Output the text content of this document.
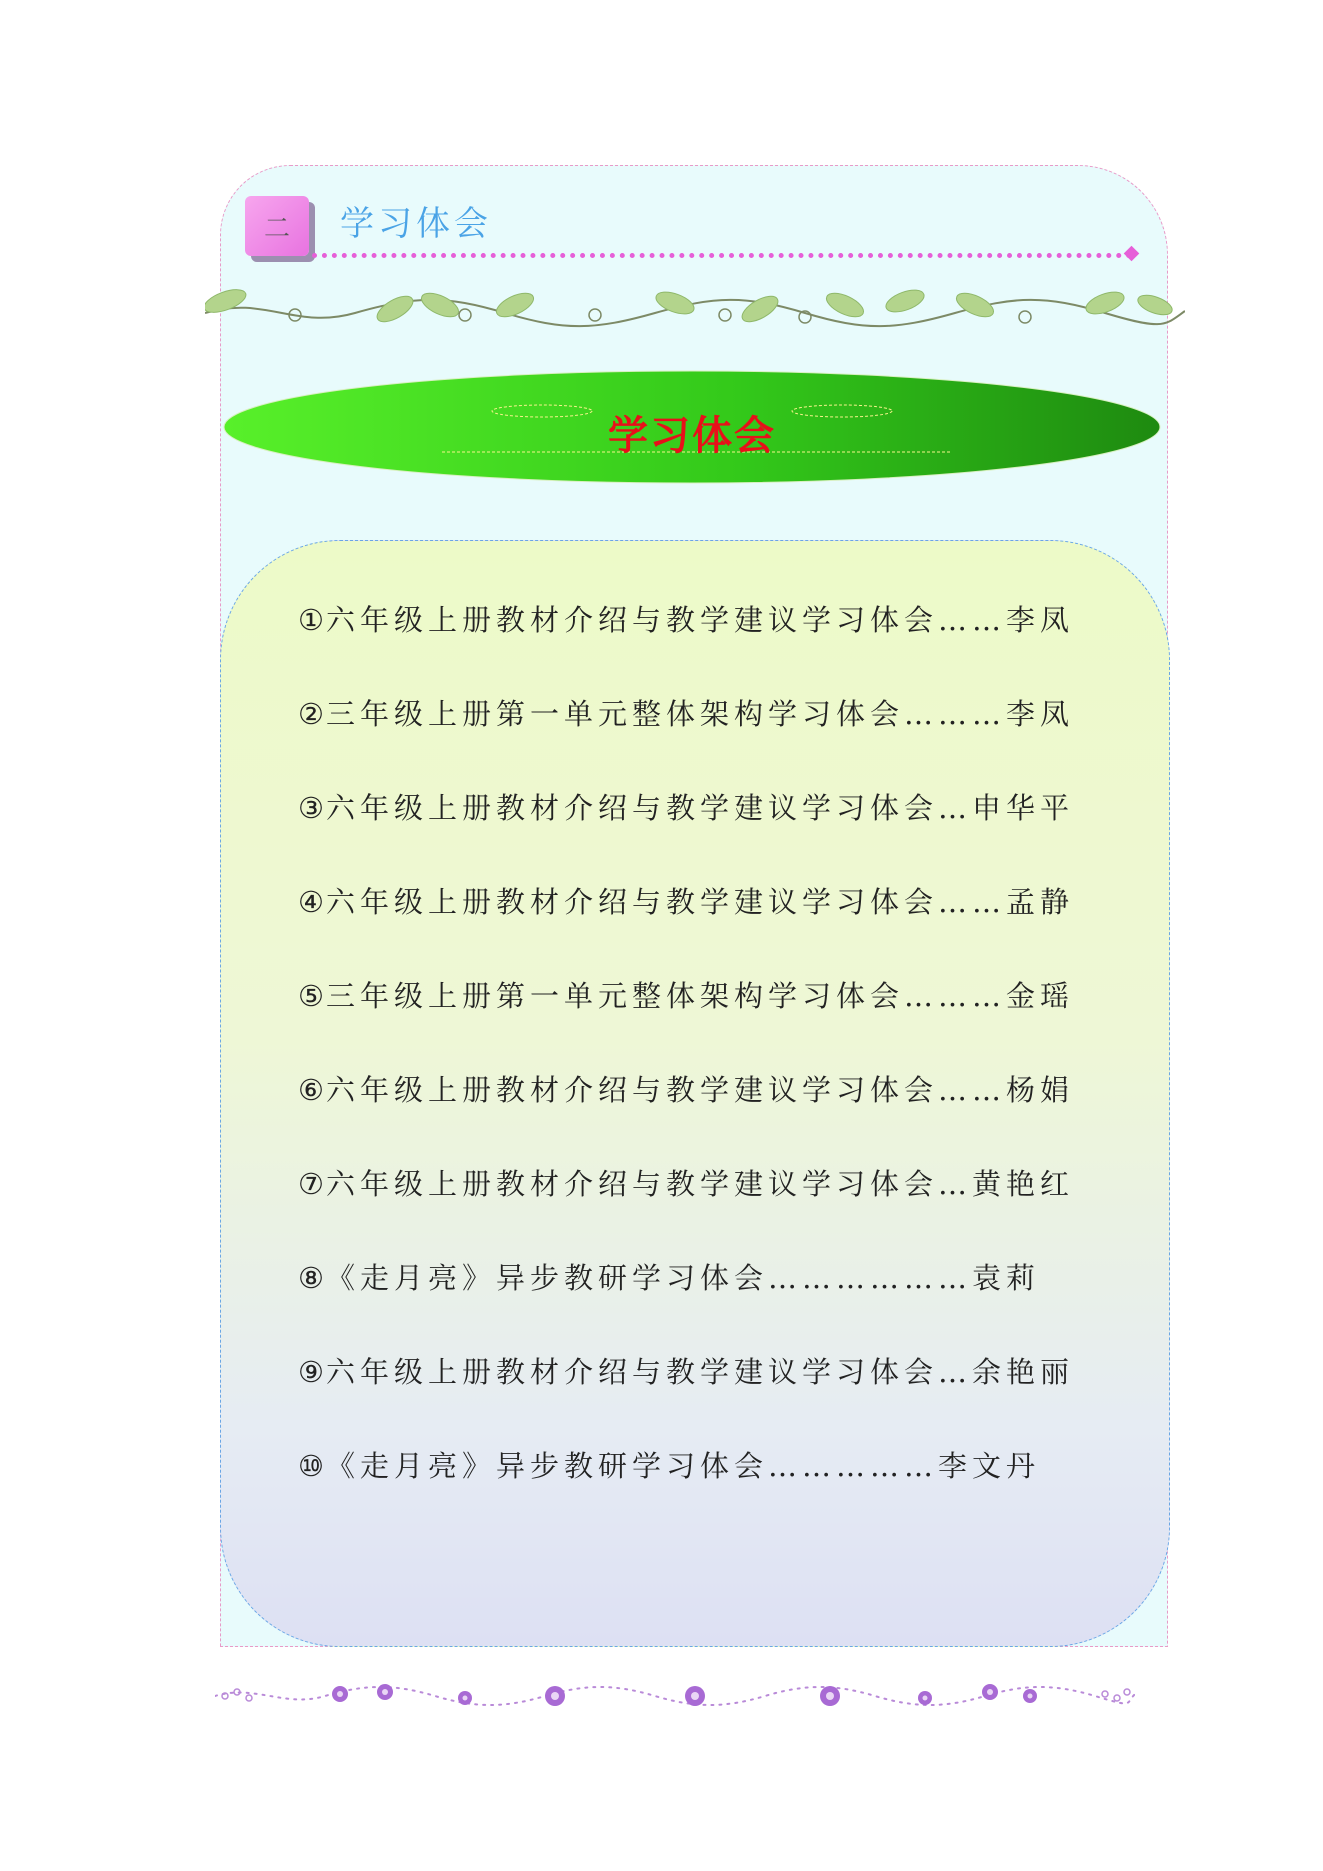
二 学习体会
学习体会
①六年级上册教材介绍与教学建议学习体会……李凤
②三年级上册第一单元整体架构学习体会………李凤
③六年级上册教材介绍与教学建议学习体会…申华平
④六年级上册教材介绍与教学建议学习体会……孟静
⑤三年级上册第一单元整体架构学习体会………金瑶
⑥六年级上册教材介绍与教学建议学习体会……杨娟
⑦六年级上册教材介绍与教学建议学习体会…黄艳红
⑧《走月亮》异步教研学习体会………………袁莉
⑨六年级上册教材介绍与教学建议学习体会…余艳丽
⑩《走月亮》异步教研学习体会……………李文丹
